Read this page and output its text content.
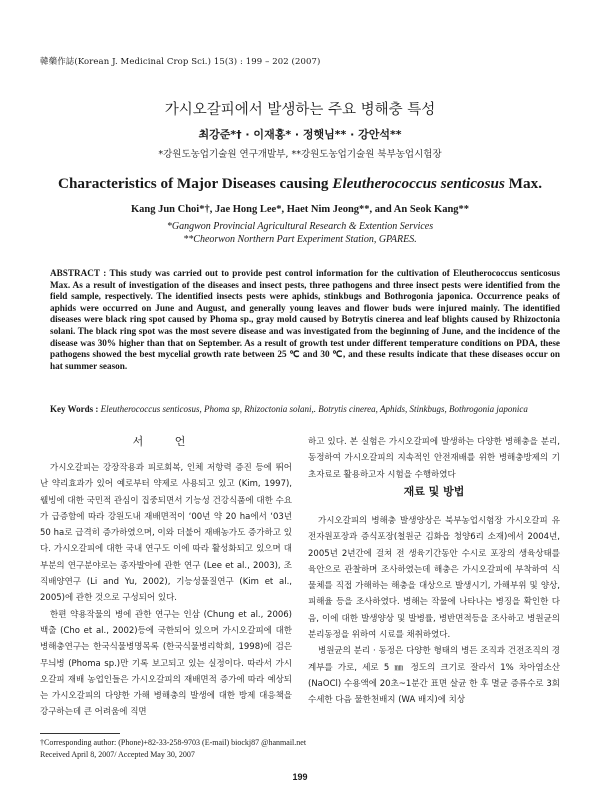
韓藥作誌(Korean J. Medicinal Crop Sci.) 15(3) : 199 – 202 (2007)
가시오갈피에서 발생하는 주요 병해충 특성
최강준*† · 이재홍* · 정햇님** · 강안석**
*강원도농업기술원 연구개발부, **강원도농업기술원 북부농업시험장
Characteristics of Major Diseases causing Eleutherococcus senticosus Max.
Kang Jun Choi*†, Jae Hong Lee*, Haet Nim Jeong**, and An Seok Kang**
*Gangwon Provincial Agricultural Research & Extention Services
**Cheorwon Northern Part Experiment Station, GPARES.
ABSTRACT : This study was carried out to provide pest control information for the cultivation of Eleutherococcus senticosus Max. As a result of investigation of the diseases and insect pests, three pathogens and three insect pests were identified from the field sample, respectively. The identified insects pests were aphids, stinkbugs and Bothrogonia japonica. Occurrence peaks of aphids were occurred on June and August, and generally young leaves and flower buds were injured mainly. The identified diseases were black ring spot caused by Phoma sp., gray mold caused by Botrytis cinerea and leaf blights caused by Rhizoctonia solani. The black ring spot was the most severe disease and was investigated from the beginning of June, and the incidence of the disease was 30% higher than that on September. As a result of growth test under different temperature conditions on PDA, these pathogens showed the best mycelial growth rate between 25 ℃ and 30 ℃, and these results indicate that these diseases occur on hat summer season.
Key Words : Eleutherococcus senticosus, Phoma sp, Rhizoctonia solani,. Botrytis cinerea, Aphids, Stinkbugs, Bothrogonia japonica
서 언

가시오갈피는 강장작용과 피로회복, 인체 저항력 증진 등에 뛰어난 약리효과가 있어 예로부터 약제로 사용되고 있고 (Kim, 1997), 웰빙에 대한 국민적 관심이 집중되면서 기능성 건강식품에 대한 수요가 급증함에 따라 강원도내 재배면적이 ‘00년 약 20 ha에서 ‘03년 50 ha로 급격히 증가하였으며, 이와 더불어 재배농가도 증가하고 있다. 가시오갈피에 대한 국내 연구도 이에 따라 활성화되고 있으며 대부분의 연구분야로는 종자발아에 관한 연구 (Lee et al., 2003), 조직배양연구 (Li and Yu, 2002), 기능성물질연구 (Kim et al., 2005)에 관한 것으로 구성되어 있다.

한편 약용작물의 병에 관한 연구는 인삼 (Chung et al., 2006) 백출 (Cho et al., 2002)등에 국한되어 있으며 가시오갈피에 대한 병해충연구는 한국식물병명목록 (한국식물병리학회, 1998)에 검은무늬병 (Phoma sp.)만 기록 보고되고 있는 실정이다. 따라서 가시오갈피 재배 농업인들은 가시오갈피의 재배면적 증가에 따라 예상되는 가시오갈피의 다양한 가해 병해충의 발생에 대한 방제 대응책을 강구하는데 큰 어려움에 직면

하고 있다. 본 실험은 가시오갈피에 발생하는 다양한 병해충을 분리, 동정하여 가시오갈피의 지속적인 안전재배를 위한 병해충방제의 기초자료로 활용하고자 시험을 수행하였다

재료 및 방법

가시오갈피의 병해충 발생양상은 북부농업시험장 가시오갈피 유전자원포장과 증식포장(철원군 김화읍 청양6리 소재)에서 2004년, 2005년 2년간에 걸쳐 전 생육기간동안 수시로 포장의 생육상태를 육안으로 관찰하며 조사하였는데 해충은 가시오갈피에 부착하여 식물체를 직접 가해하는 해충을 대상으로 발생시기, 가해부위 및 양상, 피해율 등을 조사하였다. 병해는 작물에 나타나는 병징을 확인한 다음, 이에 대한 발생양상 및 발병률, 병반면적등을 조사하고 병원균의 분리동정을 위하여 시료를 채취하였다.

병원균의 분리 · 동정은 다양한 형태의 병든 조직과 건전조직의 경계부를 가로, 세로 5 ㎜ 정도의 크기로 잘라서 1% 차아염소산 (NaOCl) 수용액에 20초~1분간 표면 살균 한 후 멸균 증류수로 3회 수세한 다음 물한천배지 (WA 배지)에 치상

†Corresponding author: (Phone)+82-33-258-9703 (E-mail) biockj87 @hanmail.net
Received April 8, 2007/ Accepted May 30, 2007
199
